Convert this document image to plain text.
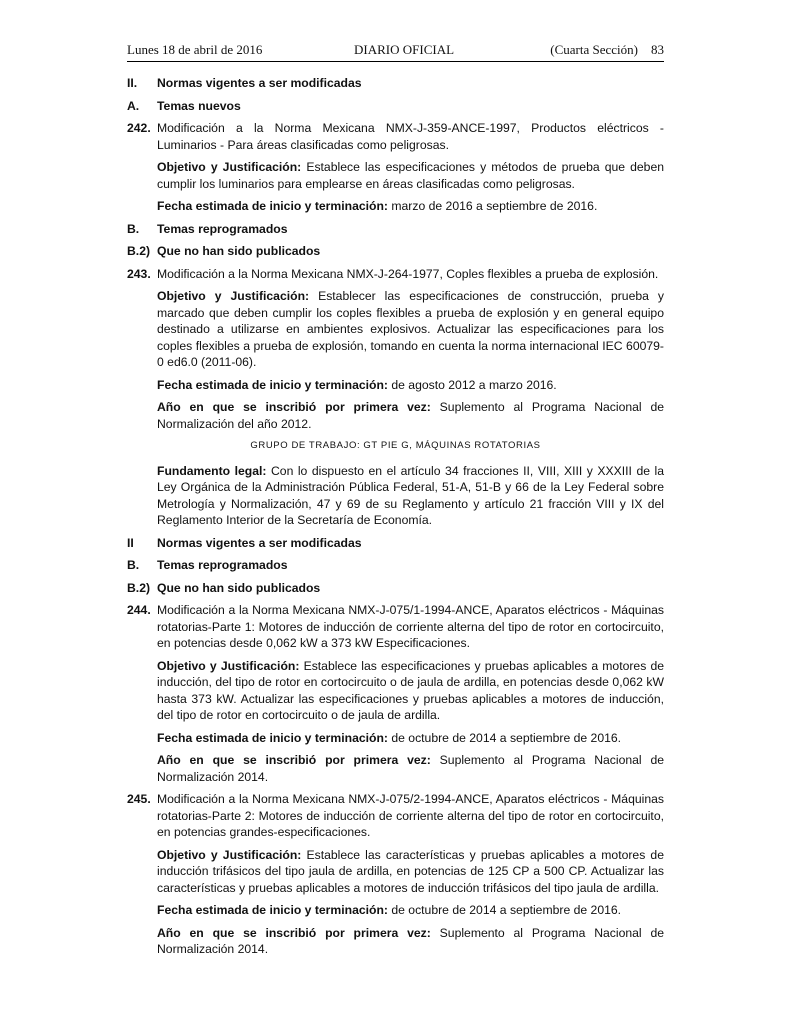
Lunes 18 de abril de 2016	DIARIO OFICIAL	(Cuarta Sección) 83
II.	Normas vigentes a ser modificadas
A.	Temas nuevos
242. Modificación a la Norma Mexicana NMX-J-359-ANCE-1997, Productos eléctricos - Luminarios - Para áreas clasificadas como peligrosas.
Objetivo y Justificación: Establece las especificaciones y métodos de prueba que deben cumplir los luminarios para emplearse en áreas clasificadas como peligrosas.
Fecha estimada de inicio y terminación: marzo de 2016 a septiembre de 2016.
B.	Temas reprogramados
B.2) Que no han sido publicados
243. Modificación a la Norma Mexicana NMX-J-264-1977, Coples flexibles a prueba de explosión.
Objetivo y Justificación: Establecer las especificaciones de construcción, prueba y marcado que deben cumplir los coples flexibles a prueba de explosión y en general equipo destinado a utilizarse en ambientes explosivos. Actualizar las especificaciones para los coples flexibles a prueba de explosión, tomando en cuenta la norma internacional IEC 60079-0 ed6.0 (2011-06).
Fecha estimada de inicio y terminación: de agosto 2012 a marzo 2016.
Año en que se inscribió por primera vez: Suplemento al Programa Nacional de Normalización del año 2012.
GRUPO DE TRABAJO: GT PIE G, MÁQUINAS ROTATORIAS
Fundamento legal: Con lo dispuesto en el artículo 34 fracciones II, VIII, XIII y XXXIII de la Ley Orgánica de la Administración Pública Federal, 51-A, 51-B y 66 de la Ley Federal sobre Metrología y Normalización, 47 y 69 de su Reglamento y artículo 21 fracción VIII y IX del Reglamento Interior de la Secretaría de Economía.
II	Normas vigentes a ser modificadas
B.	Temas reprogramados
B.2) Que no han sido publicados
244. Modificación a la Norma Mexicana NMX-J-075/1-1994-ANCE, Aparatos eléctricos - Máquinas rotatorias-Parte 1: Motores de inducción de corriente alterna del tipo de rotor en cortocircuito, en potencias desde 0,062 kW a 373 kW Especificaciones.
Objetivo y Justificación: Establece las especificaciones y pruebas aplicables a motores de inducción, del tipo de rotor en cortocircuito o de jaula de ardilla, en potencias desde 0,062 kW hasta 373 kW. Actualizar las especificaciones y pruebas aplicables a motores de inducción, del tipo de rotor en cortocircuito o de jaula de ardilla.
Fecha estimada de inicio y terminación: de octubre de 2014 a septiembre de 2016.
Año en que se inscribió por primera vez: Suplemento al Programa Nacional de Normalización 2014.
245. Modificación a la Norma Mexicana NMX-J-075/2-1994-ANCE, Aparatos eléctricos - Máquinas rotatorias-Parte 2: Motores de inducción de corriente alterna del tipo de rotor en cortocircuito, en potencias grandes-especificaciones.
Objetivo y Justificación: Establece las características y pruebas aplicables a motores de inducción trifásicos del tipo jaula de ardilla, en potencias de 125 CP a 500 CP. Actualizar las características y pruebas aplicables a motores de inducción trifásicos del tipo jaula de ardilla.
Fecha estimada de inicio y terminación: de octubre de 2014 a septiembre de 2016.
Año en que se inscribió por primera vez: Suplemento al Programa Nacional de Normalización 2014.
